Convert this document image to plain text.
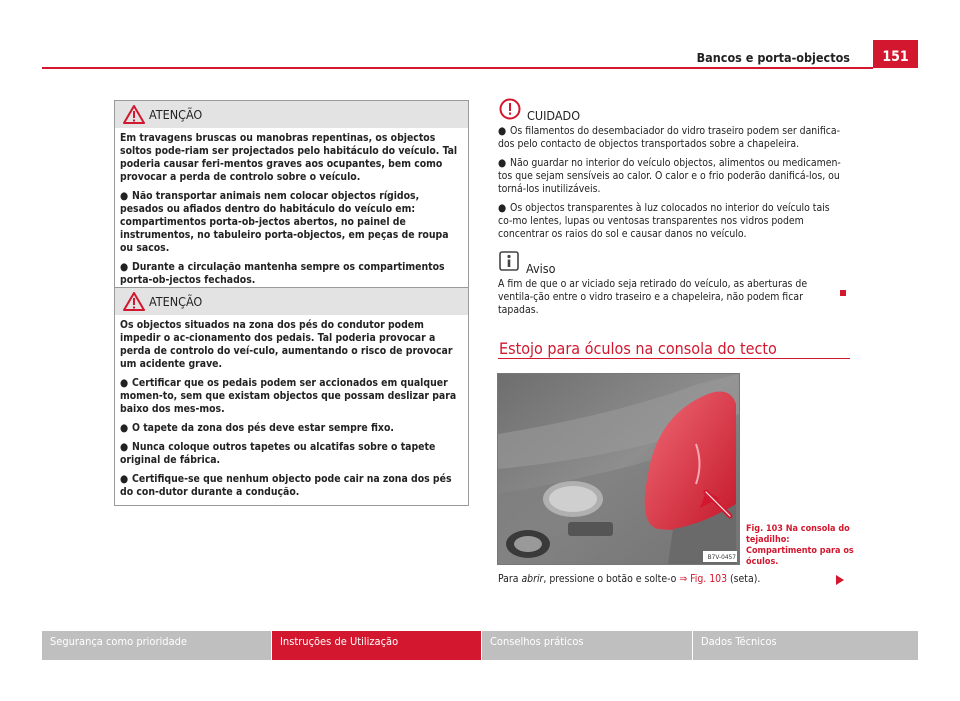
Bancos e porta-objectos	151
ATENÇÃO

Em travagens bruscas ou manobras repentinas, os objectos soltos pode-riam ser projectados pelo habitáculo do veículo. Tal poderia causar feri-mentos graves aos ocupantes, bem como provocar a perda de controlo sobre o veículo.

● Não transportar animais nem colocar objectos rígidos, pesados ou afiados dentro do habitáculo do veículo em: compartimentos porta-ob-jectos abertos, no painel de instrumentos, no tabuleiro porta-objectos, em peças de roupa ou sacos.

● Durante a circulação mantenha sempre os compartimentos porta-ob-jectos fechados.

ATENÇÃO

Os objectos situados na zona dos pés do condutor podem impedir o ac-cionamento dos pedais. Tal poderia provocar a perda de controlo do veí-culo, aumentando o risco de provocar um acidente grave.

● Certificar que os pedais podem ser accionados em qualquer momen-to, sem que existam objectos que possam deslizar para baixo dos mes-mos.

● O tapete da zona dos pés deve estar sempre fixo.

● Nunca coloque outros tapetes ou alcatifas sobre o tapete original de fábrica.

● Certifique-se que nenhum objecto pode cair na zona dos pés do con-dutor durante a condução.

CUIDADO

● Os filamentos do desembaciador do vidro traseiro podem ser danifica-dos pelo contacto de objectos transportados sobre a chapeleira.

● Não guardar no interior do veículo objectos, alimentos ou medicamen-tos que sejam sensíveis ao calor. O calor e o frio poderão danificá-los, ou torná-los inutilizáveis.

● Os objectos transparentes à luz colocados no interior do veículo tais co-mo lentes, lupas ou ventosas transparentes nos vidros podem concentrar os raios do sol e causar danos no veículo.

Aviso
A fim de que o ar viciado seja retirado do veículo, as aberturas de ventila-ção entre o vidro traseiro e a chapeleira, não podem ficar tapadas.
Estojo para óculos na consola do tecto
B7V-0457
Fig. 103 Na consola do tejadilho: Compartimento para os óculos.
Para abrir, pressione o botão e solte-o ⇒ Fig. 103 (seta).
Segurança como prioridade	Instruções de Utilização	Conselhos práticos	Dados Técnicos
